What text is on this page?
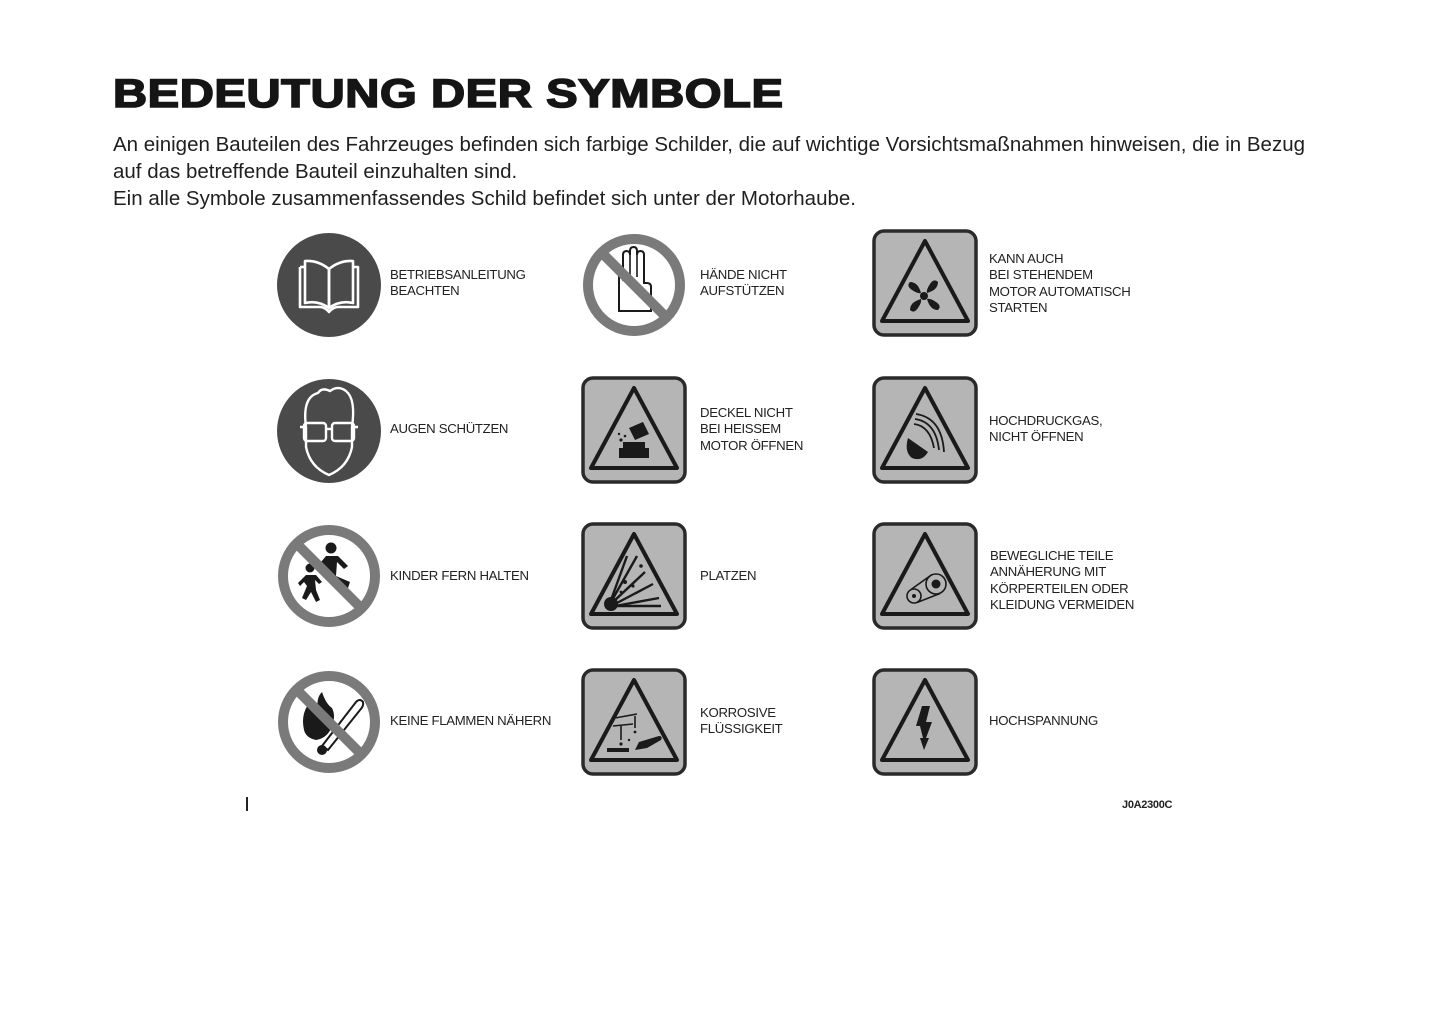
BEDEUTUNG DER SYMBOLE

An einigen Bauteilen des Fahrzeuges befinden sich farbige Schilder, die auf wichtige Vorsichtsmaßnahmen hinweisen, die in Bezug auf das betreffende Bauteil einzuhalten sind.

Ein alle Symbole zusammenfassendes Schild befindet sich unter der Motorhaube.

BETRIEBSANLEITUNG
BEACHTEN
HÄNDE NICHT
AUFSTÜTZEN
KANN AUCH
BEI STEHENDEM
MOTOR AUTOMATISCH
STARTEN
AUGEN SCHÜTZEN
DECKEL NICHT
BEI HEISSEM
MOTOR ÖFFNEN
HOCHDRUCKGAS,
NICHT ÖFFNEN
KINDER FERN HALTEN	PLATZEN
BEWEGLICHE TEILE
ANNÄHERUNG MIT
KÖRPERTEILEN ODER
KLEIDUNG VERMEIDEN
KEINE FLAMMEN NÄHERN
KORROSIVE
FLÜSSIGKEIT
HOCHSPANNUNG
J0A2300C
